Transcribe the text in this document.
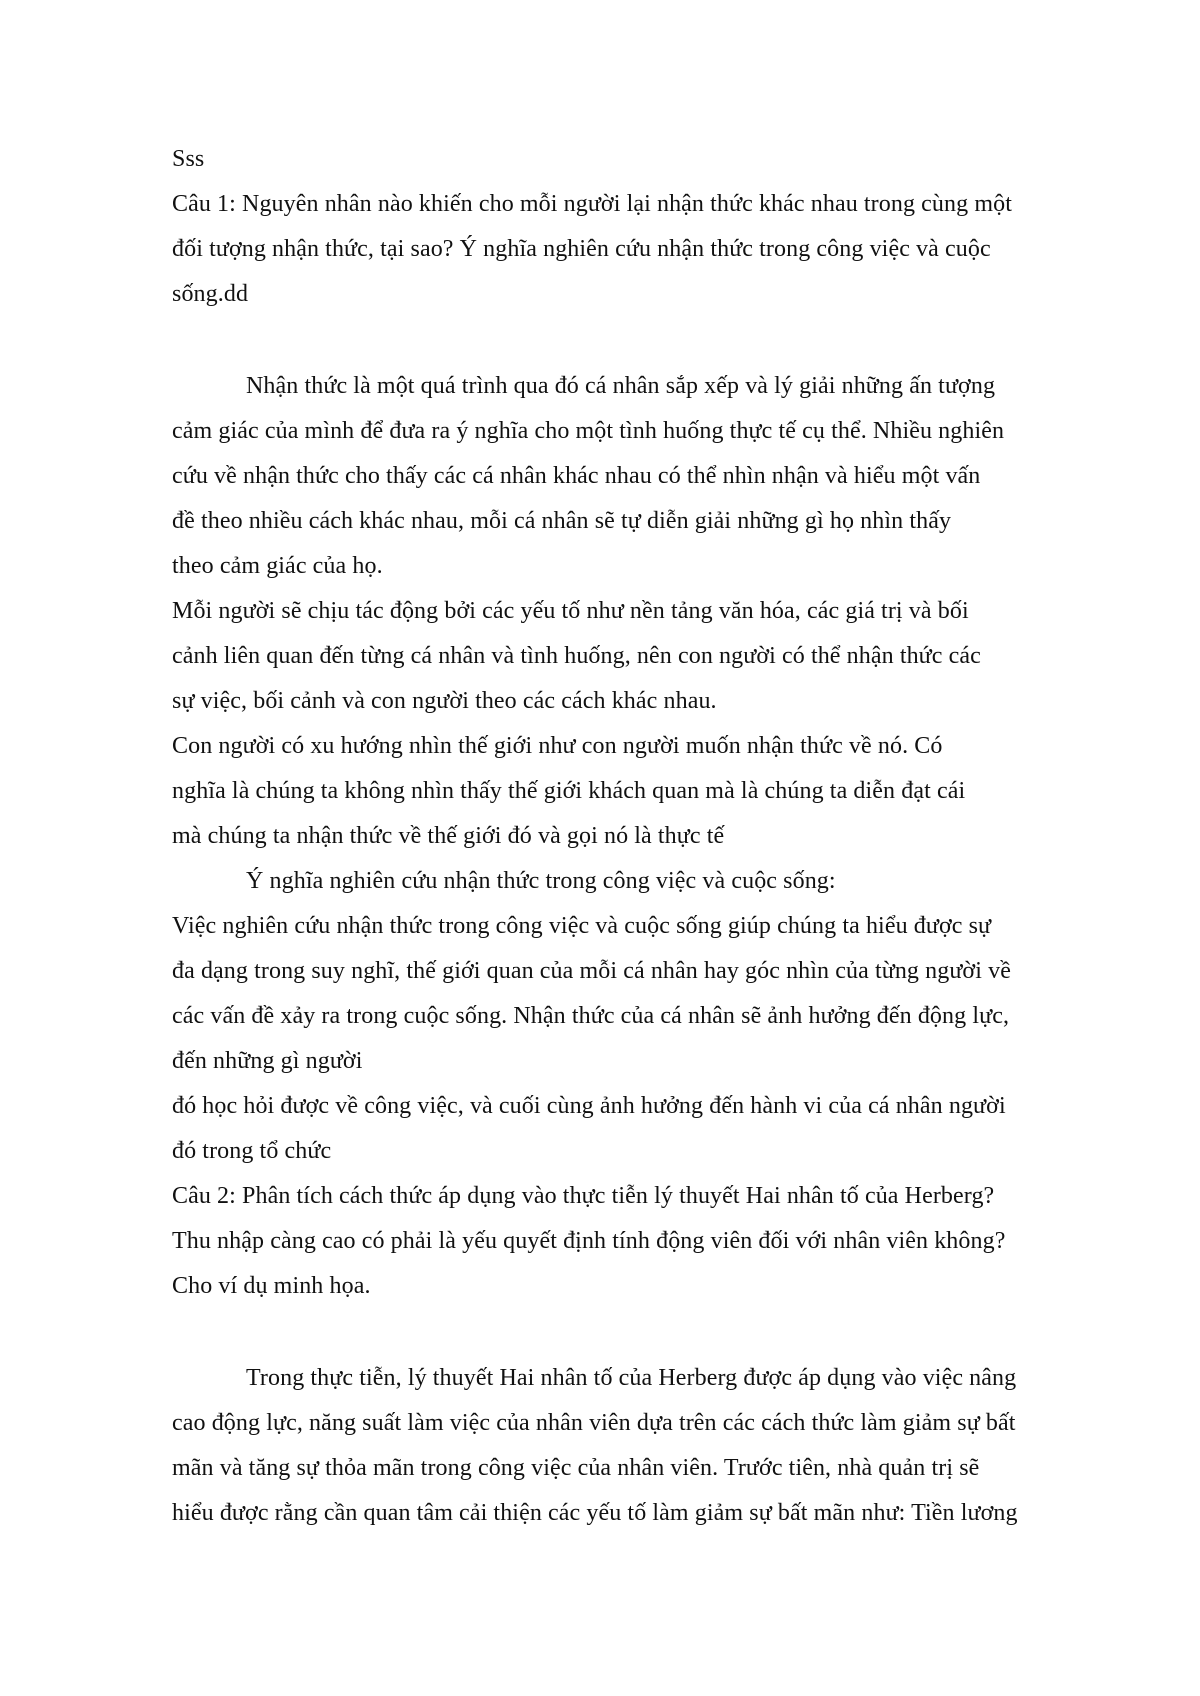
Sss
Câu 1: Nguyên nhân nào khiến cho mỗi người lại nhận thức khác nhau trong cùng một
đối tượng nhận thức, tại sao? Ý nghĩa nghiên cứu nhận thức trong công việc và cuộc
sống.dd
Nhận thức là một quá trình qua đó cá nhân sắp xếp và lý giải những ấn tượng
cảm giác của mình để đưa ra ý nghĩa cho một tình huống thực tế cụ thể. Nhiều nghiên
cứu về nhận thức cho thấy các cá nhân khác nhau có thể nhìn nhận và hiểu một vấn
đề theo nhiều cách khác nhau, mỗi cá nhân sẽ tự diễn giải những gì họ nhìn thấy
theo cảm giác của họ.
Mỗi người sẽ chịu tác động bởi các yếu tố như nền tảng văn hóa, các giá trị và bối
cảnh liên quan đến từng cá nhân và tình huống, nên con người có thể nhận thức các
sự việc, bối cảnh và con người theo các cách khác nhau.
Con người có xu hướng nhìn thế giới như con người muốn nhận thức về nó. Có
nghĩa là chúng ta không nhìn thấy thế giới khách quan mà là chúng ta diễn đạt cái
mà chúng ta nhận thức về thế giới đó và gọi nó là thực tế
Ý nghĩa nghiên cứu nhận thức trong công việc và cuộc sống:
Việc nghiên cứu nhận thức trong công việc và cuộc sống giúp chúng ta hiểu được sự
đa dạng trong suy nghĩ, thế giới quan của mỗi cá nhân hay góc nhìn của từng người về
các vấn đề xảy ra trong cuộc sống. Nhận thức của cá nhân sẽ ảnh hưởng đến động lực,
đến những gì người
đó học hỏi được về công việc, và cuối cùng ảnh hưởng đến hành vi của cá nhân người
đó trong tổ chức
Câu 2: Phân tích cách thức áp dụng vào thực tiễn lý thuyết Hai nhân tố của Herberg?
Thu nhập càng cao có phải là yếu quyết định tính động viên đối với nhân viên không?
Cho ví dụ minh họa.
Trong thực tiễn, lý thuyết Hai nhân tố của Herberg được áp dụng vào việc nâng
cao động lực, năng suất làm việc của nhân viên dựa trên các cách thức làm giảm sự bất
mãn và tăng sự thỏa mãn trong công việc của nhân viên. Trước tiên, nhà quản trị sẽ
hiểu được rằng cần quan tâm cải thiện các yếu tố làm giảm sự bất mãn như: Tiền lương
